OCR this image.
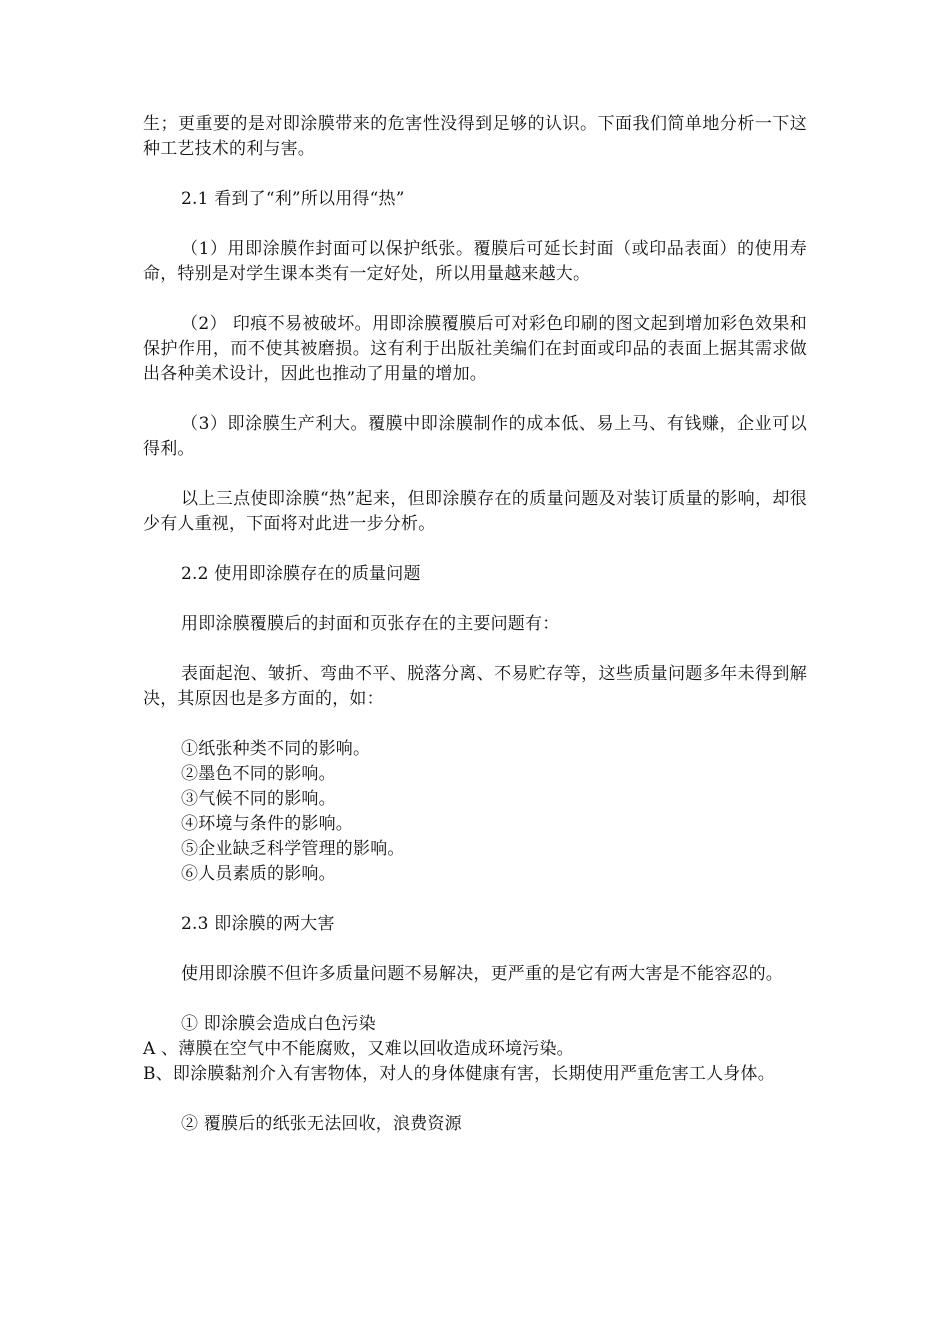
生；更重要的是对即涂膜带来的危害性没得到足够的认识。下面我们简单地分析一下这种工艺技术的利与害。

2.1 看到了“利”所以用得“热”

（1）用即涂膜作封面可以保护纸张。覆膜后可延长封面（或印品表面）的使用寿命，特别是对学生课本类有一定好处，所以用量越来越大。

（2） 印痕不易被破坏。用即涂膜覆膜后可对彩色印刷的图文起到增加彩色效果和保护作用，而不使其被磨损。这有利于出版社美编们在封面或印品的表面上据其需求做出各种美术设计，因此也推动了用量的增加。

（3）即涂膜生产利大。覆膜中即涂膜制作的成本低、易上马、有钱赚，企业可以得利。

以上三点使即涂膜“热”起来，但即涂膜存在的质量问题及对装订质量的影响，却很少有人重视，下面将对此进一步分析。

2.2 使用即涂膜存在的质量问题

用即涂膜覆膜后的封面和页张存在的主要问题有：

表面起泡、皱折、弯曲不平、脱落分离、不易贮存等，这些质量问题多年未得到解决，其原因也是多方面的，如：

①纸张种类不同的影响。
②墨色不同的影响。
③气候不同的影响。
④环境与条件的影响。
⑤企业缺乏科学管理的影响。
⑥人员素质的影响。

2.3 即涂膜的两大害

使用即涂膜不但许多质量问题不易解决，更严重的是它有两大害是不能容忍的。

① 即涂膜会造成白色污染

A 、薄膜在空气中不能腐败，又难以回收造成环境污染。

B、即涂膜黏剂介入有害物体，对人的身体健康有害，长期使用严重危害工人身体。

② 覆膜后的纸张无法回收，浪费资源
